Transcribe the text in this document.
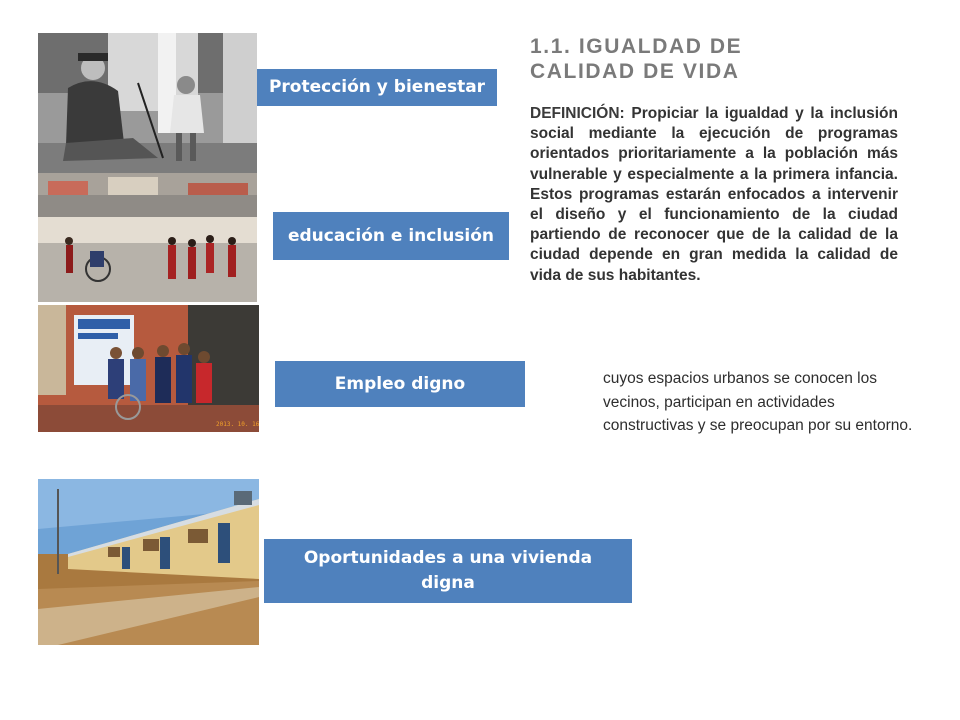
2013. 10. 16
Protección y bienestar
educación e inclusión
Empleo digno
Oportunidades a una vivienda digna
1.1. IGUALDAD DE
CALIDAD DE VIDA

DEFINICIÓN: Propiciar la igualdad y la inclusión social mediante la ejecución de programas orientados prioritariamente a la población más vulnerable y especialmente a la primera infancia. Estos programas estarán enfocados a intervenir el diseño y el funcionamiento de la ciudad partiendo de reconocer que de la calidad de la ciudad depende en gran medida la calidad de vida de sus habitantes.

cuyos espacios urbanos se conocen los vecinos, participan en actividades constructivas y se preocupan por su entorno.
